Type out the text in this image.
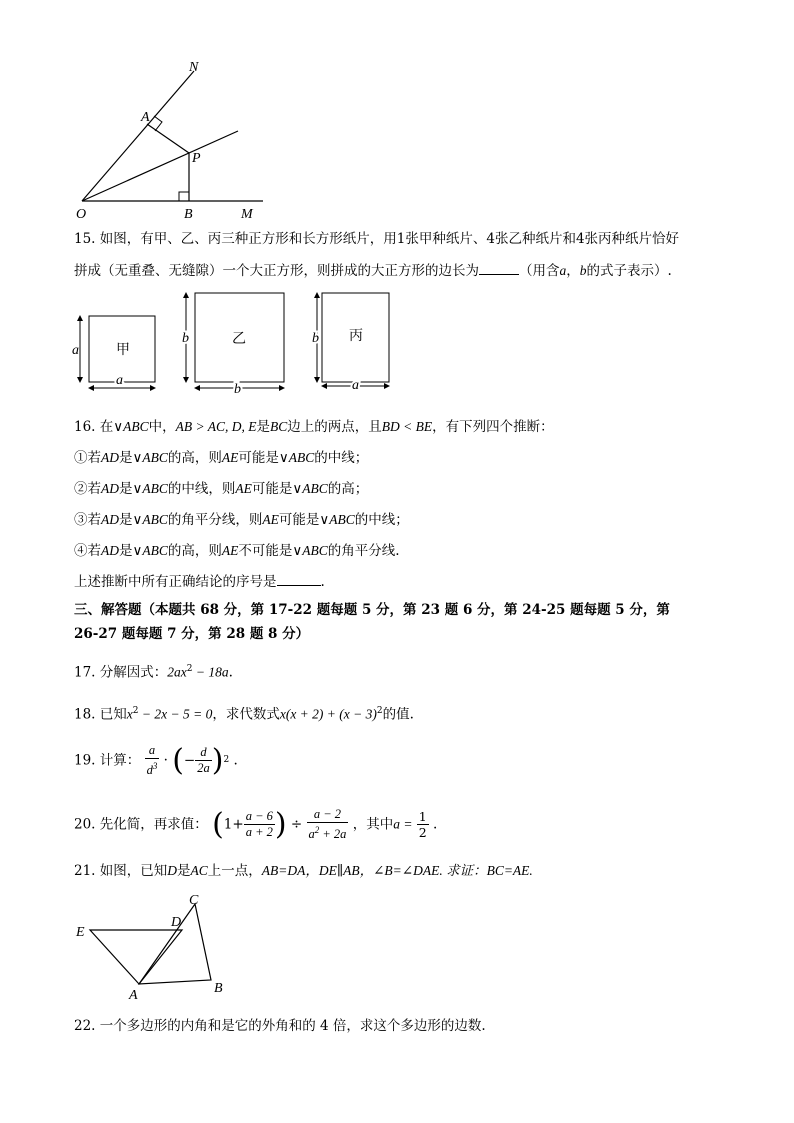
N
A
P
O	B	M
15. 如图，有甲、乙、丙三种正方形和长方形纸片，用1张甲种纸片、4张乙种纸片和4张丙种纸片恰好
拼成（无重叠、无缝隙）一个大正方形，则拼成的大正方形的边长为	（用含a，b的式子表示）.
甲
a
a
乙
b
b
丙
b
a
16. 在∨ABC中，AB > AC, D, E是BC边上的两点，且BD < BE，有下列四个推断：
①若AD是∨ABC的高，则AE可能是∨ABC的中线；
②若AD是∨ABC的中线，则AE可能是∨ABC的高；
③若AD是∨ABC的角平分线，则AE可能是∨ABC的中线；
④若AD是∨ABC的高，则AE不可能是∨ABC的角平分线.
上述推断中所有正确结论的序号是	.
三、解答题（本题共 68 分，第 17-22 题每题 5 分，第 23 题 6 分，第 24-25 题每题 5 分，第
26-27 题每题 7 分，第 28 题 8 分）
17. 分解因式：$2ax^2 - 18a$.
18. 已知$x^2 - 2x - 5 = 0$，求代数式$x(x + 2) + (x - 3)^2$的值.
19. 计算： $\frac{a}{d^3}$ · (− $\frac{d}{2a} )^2$ .
20. 先化简，再求值： ($1+ \frac{a - 6}{a + 2}$ ) ÷ $\frac{a - 2}{a^2 + 2a}$ ，其中$a = \frac{1}{2}$ .
21. 如图，已知D是AC上一点，AB=DA，DE∥AB，∠B=∠DAE. 求证：BC=AE.
C
D
E
A	B
22. 一个多边形的内角和是它的外角和的 4 倍，求这个多边形的边数.
